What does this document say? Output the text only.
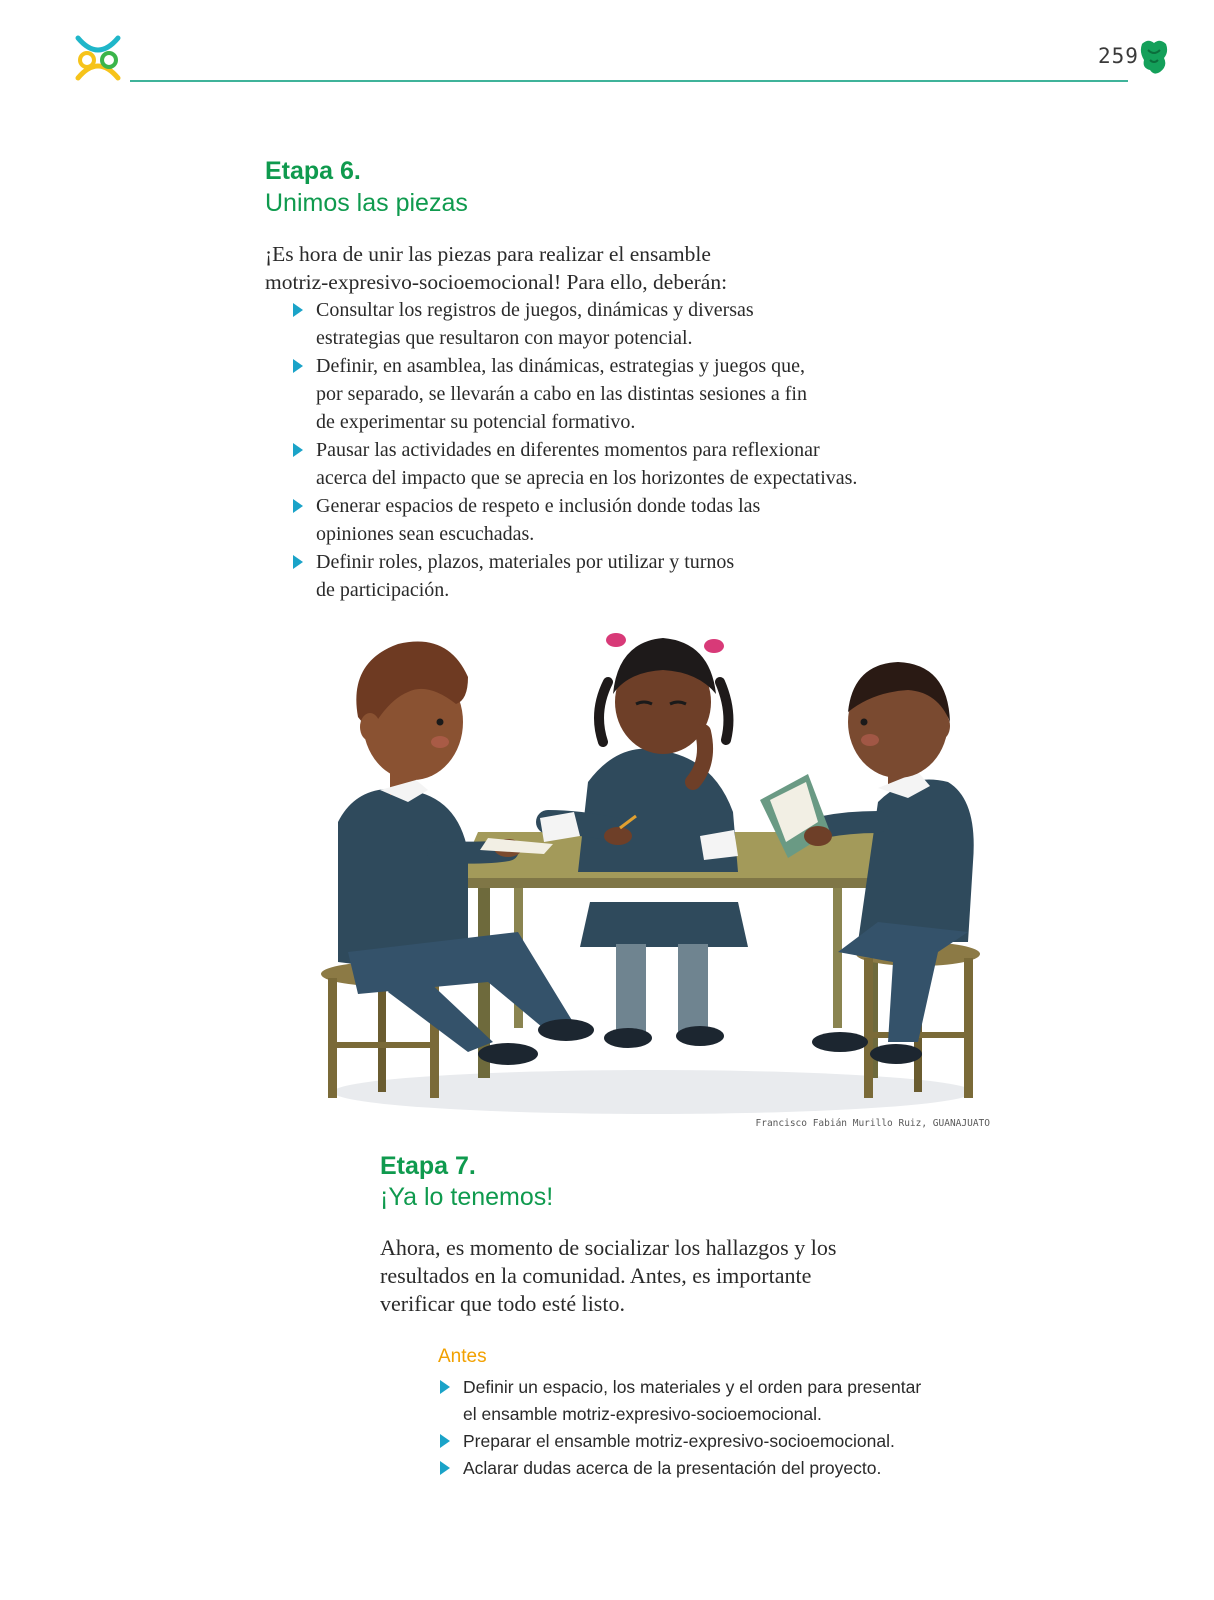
259
Etapa 6.
Unimos las piezas
¡Es hora de unir las piezas para realizar el ensamble
motriz-expresivo-socioemocional! Para ello, deberán:
Consultar los registros de juegos, dinámicas y diversas
estrategias que resultaron con mayor potencial.
Definir, en asamblea, las dinámicas, estrategias y juegos que,
por separado, se llevarán a cabo en las distintas sesiones a fin
de experimentar su potencial formativo.
Pausar las actividades en diferentes momentos para reflexionar
acerca del impacto que se aprecia en los horizontes de expectativas.
Generar espacios de respeto e inclusión donde todas las
opiniones sean escuchadas.
Definir roles, plazos, materiales por utilizar y turnos
de participación.
Francisco Fabián Murillo Ruiz, GUANAJUATO
Etapa 7.
¡Ya lo tenemos!
Ahora, es momento de socializar los hallazgos y los
resultados en la comunidad. Antes, es importante
verificar que todo esté listo.
Antes
Definir un espacio, los materiales y el orden para presentar
el ensamble motriz-expresivo-socioemocional.
Preparar el ensamble motriz-expresivo-socioemocional.
Aclarar dudas acerca de la presentación del proyecto.
